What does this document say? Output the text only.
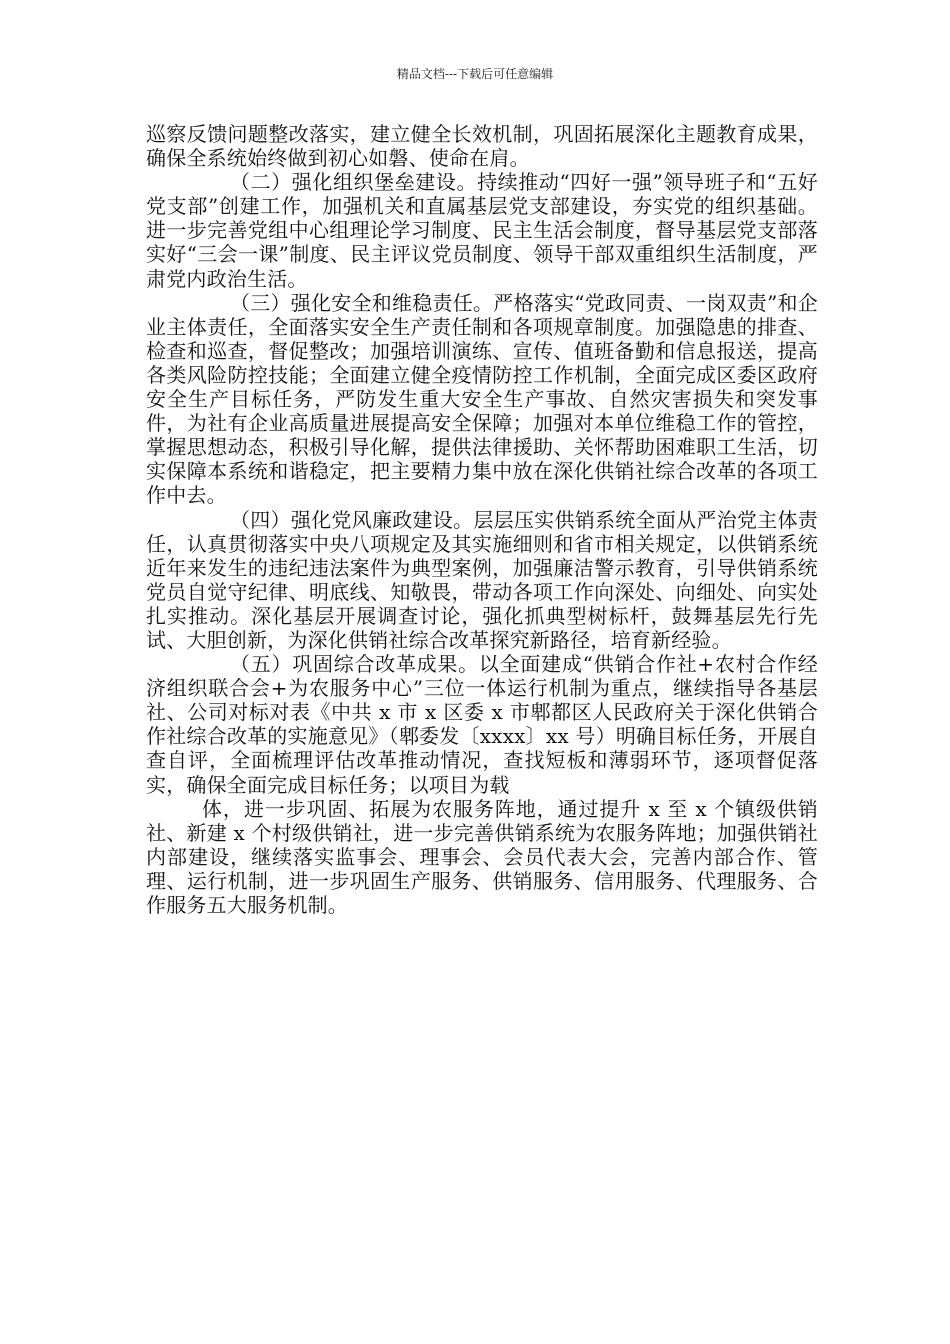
精品文档---下载后可任意编辑

巡察反馈问题整改落实，建立健全长效机制，巩固拓展深化主题教育成果，确保全系统始终做到初心如磐、使命在肩。

（二）强化组织堡垒建设。持续推动“四好一强”领导班子和“五好党支部”创建工作，加强机关和直属基层党支部建设，夯实党的组织基础。进一步完善党组中心组理论学习制度、民主生活会制度，督导基层党支部落实好“三会一课”制度、民主评议党员制度、领导干部双重组织生活制度，严肃党内政治生活。

（三）强化安全和维稳责任。严格落实“党政同责、一岗双责”和企业主体责任，全面落实安全生产责任制和各项规章制度。加强隐患的排查、检查和巡查，督促整改；加强培训演练、宣传、值班备勤和信息报送，提高各类风险防控技能；全面建立健全疫情防控工作机制，全面完成区委区政府安全生产目标任务，严防发生重大安全生产事故、自然灾害损失和突发事件，为社有企业高质量进展提高安全保障；加强对本单位维稳工作的管控，掌握思想动态，积极引导化解，提供法律援助、关怀帮助困难职工生活，切实保障本系统和谐稳定，把主要精力集中放在深化供销社综合改革的各项工作中去。

（四）强化党风廉政建设。层层压实供销系统全面从严治党主体责任，认真贯彻落实中央八项规定及其实施细则和省市相关规定，以供销系统近年来发生的违纪违法案件为典型案例，加强廉洁警示教育，引导供销系统党员自觉守纪律、明底线、知敬畏，带动各项工作向深处、向细处、向实处扎实推动。深化基层开展调查讨论，强化抓典型树标杆，鼓舞基层先行先试、大胆创新，为深化供销社综合改革探究新路径，培育新经验。

（五）巩固综合改革成果。以全面建成“供销合作社+农村合作经济组织联合会+为农服务中心”三位一体运行机制为重点，继续指导各基层社、公司对标对表《中共 x 市 x 区委 x 市郫都区人民政府关于深化供销合作社综合改革的实施意见》（郫委发〔xxxx〕xx 号）明确目标任务，开展自查自评，全面梳理评估改革推动情况，查找短板和薄弱环节，逐项督促落实，确保全面完成目标任务；以项目为载

体，进一步巩固、拓展为农服务阵地，通过提升 x 至 x 个镇级供销社、新建 x 个村级供销社，进一步完善供销系统为农服务阵地；加强供销社内部建设，继续落实监事会、理事会、会员代表大会，完善内部合作、管理、运行机制，进一步巩固生产服务、供销服务、信用服务、代理服务、合作服务五大服务机制。
